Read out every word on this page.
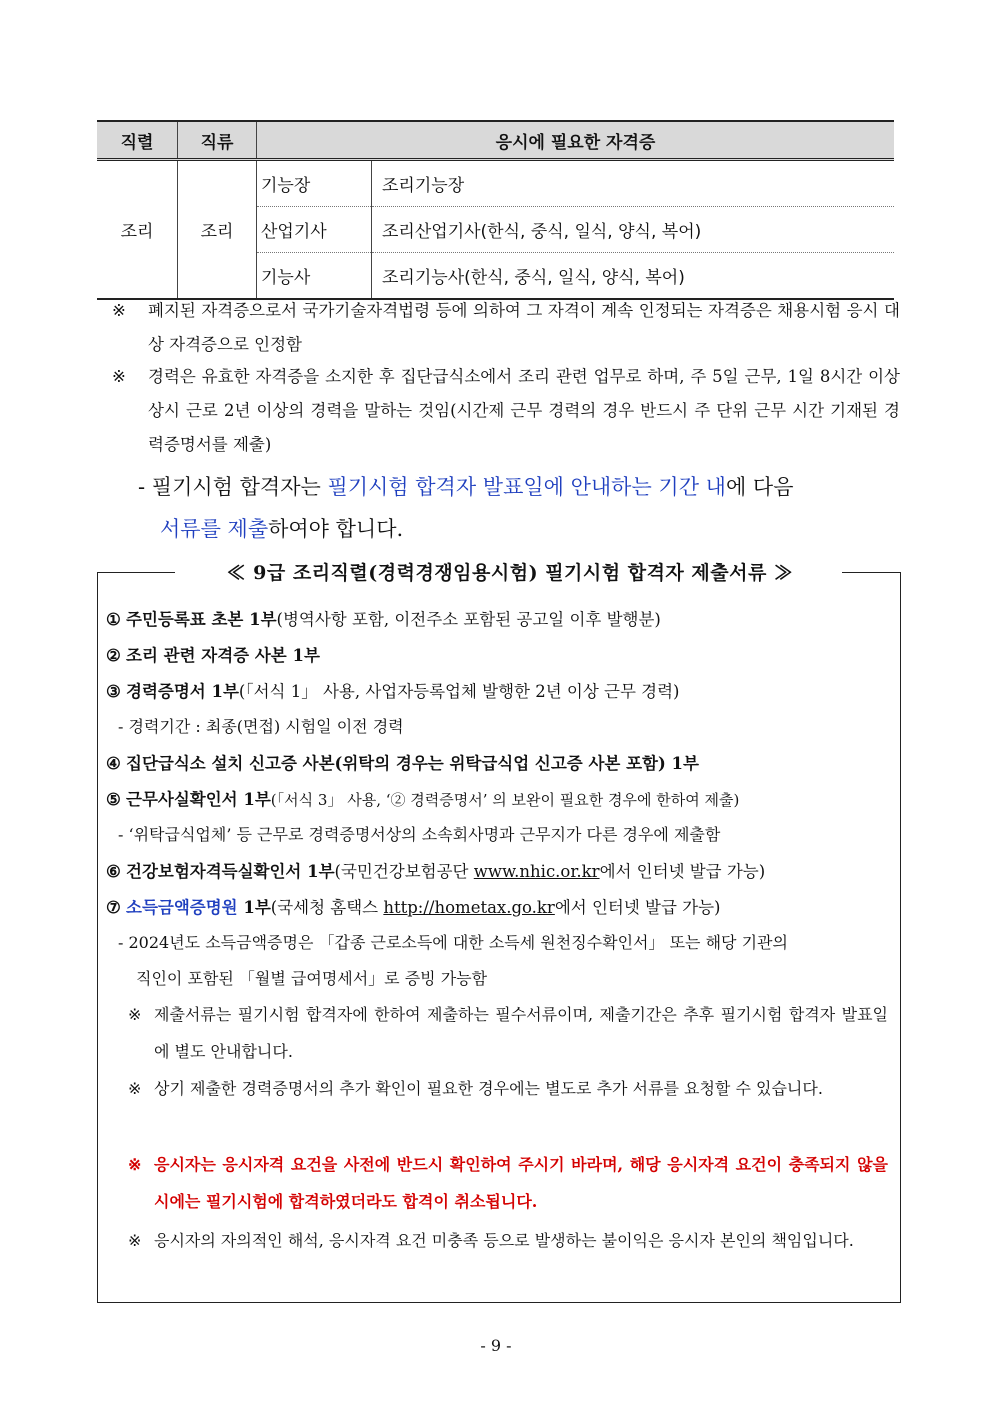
직렬	직류	응시에 필요한 자격증	
조리	조리	기능장	조리기능장
		산업기사	조리산업기사(한식, 중식, 일식, 양식, 복어)
		기능사	조리기능사(한식, 중식, 일식, 양식, 복어)
※ 폐지된 자격증으로서 국가기술자격법령 등에 의하여 그 자격이 계속 인정되는 자격증은 채용시험 응시 대상 자격증으로 인정함
※ 경력은 유효한 자격증을 소지한 후 집단급식소에서 조리 관련 업무로 하며, 주 5일 근무, 1일 8시간 이상 상시 근로 2년 이상의 경력을 말하는 것임(시간제 근무 경력의 경우 반드시 주 단위 근무 시간 기재된 경력증명서를 제출)
- 필기시험 합격자는 필기시험 합격자 발표일에 안내하는 기간 내에 다음
서류를 제출하여야 합니다.
≪ 9급 조리직렬(경력경쟁임용시험) 필기시험 합격자 제출서류 ≫
① 주민등록표 초본 1부(병역사항 포함, 이전주소 포함된 공고일 이후 발행분)
② 조리 관련 자격증 사본 1부
③ 경력증명서 1부(「서식 1」 사용, 사업자등록업체 발행한 2년 이상 근무 경력)
- 경력기간 : 최종(면접) 시험일 이전 경력
④ 집단급식소 설치 신고증 사본(위탁의 경우는 위탁급식업 신고증 사본 포함) 1부
⑤ 근무사실확인서 1부(「서식 3」 사용, ‘② 경력증명서’ 의 보완이 필요한 경우에 한하여 제출)
- ‘위탁급식업체’ 등 근무로 경력증명서상의 소속회사명과 근무지가 다른 경우에 제출함
⑥ 건강보험자격득실확인서 1부(국민건강보험공단 www.nhic.or.kr에서 인터넷 발급 가능)
⑦ 소득금액증명원 1부(국세청 홈택스 http://hometax.go.kr에서 인터넷 발급 가능)
- 2024년도 소득금액증명은 「갑종 근로소득에 대한 소득세 원천징수확인서」 또는 해당 기관의
직인이 포함된 「월별 급여명세서」로 증빙 가능함
※ 제출서류는 필기시험 합격자에 한하여 제출하는 필수서류이며, 제출기간은 추후 필기시험 합격자 발표일에 별도 안내합니다.
※ 상기 제출한 경력증명서의 추가 확인이 필요한 경우에는 별도로 추가 서류를 요청할 수 있습니다.
※ 응시자는 응시자격 요건을 사전에 반드시 확인하여 주시기 바라며, 해당 응시자격 요건이 충족되지 않을 시에는 필기시험에 합격하였더라도 합격이 취소됩니다.
※ 응시자의 자의적인 해석, 응시자격 요건 미충족 등으로 발생하는 불이익은 응시자 본인의 책임입니다.
- 9 -
